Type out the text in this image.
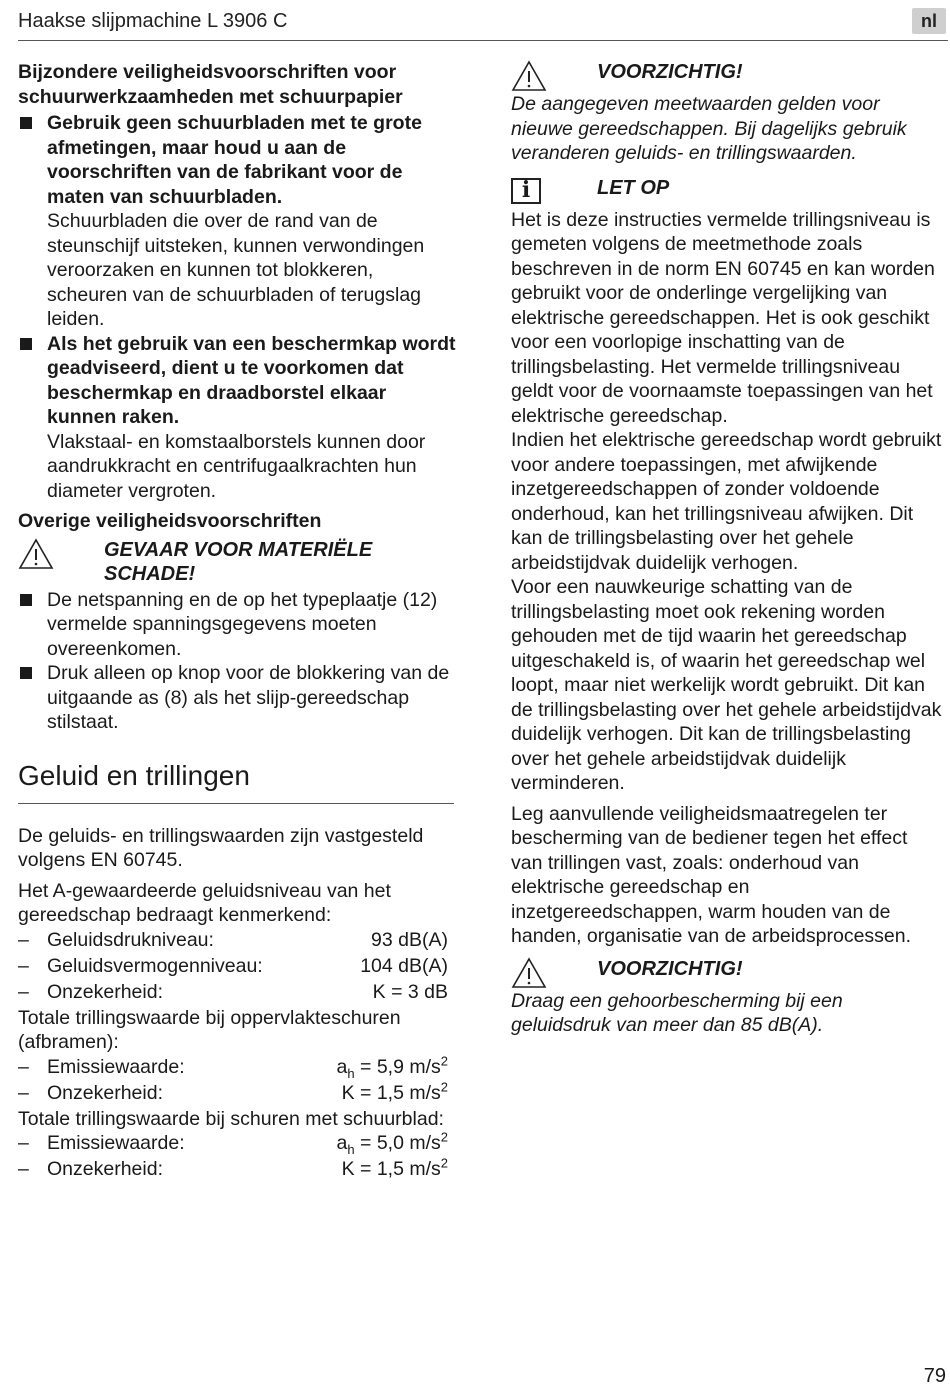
Haakse slijpmachine L 3906 C	nl
Bijzondere veiligheidsvoorschriften voor
schuurwerkzaamheden met schuurpapier
Gebruik geen schuurbladen met te grote afmetingen, maar houd u aan de voorschriften van de fabrikant voor de maten van schuurbladen.
Schuurbladen die over de rand van de steunschijf uitsteken, kunnen verwondingen veroorzaken en kunnen tot blokkeren, scheuren van de schuurbladen of terugslag leiden.
Als het gebruik van een beschermkap wordt geadviseerd, dient u te voorkomen dat beschermkap en draadborstel elkaar kunnen raken.
Vlakstaal- en komstaalborstels kunnen door aandrukkracht en centrifugaalkrachten hun diameter vergroten.
Overige veiligheidsvoorschriften
GEVAAR VOOR MATERIËLE
SCHADE!
De netspanning en de op het typeplaatje (12) vermelde spanningsgegevens moeten overeenkomen.
Druk alleen op knop voor de blokkering van de uitgaande as (8) als het slijp-gereedschap stilstaat.
Geluid en trillingen

De geluids- en trillingswaarden zijn vastgesteld volgens EN 60745.

Het A-gewaardeerde geluidsniveau van het gereedschap bedraagt kenmerkend:

– Geluidsdrukniveau:	93 dB(A)
– Geluidsvermogenniveau:	104 dB(A)
– Onzekerheid:	K = 3 dB

Totale trillingswaarde bij oppervlakteschuren (afbramen):

– Emissiewaarde:	$a_h = 5,9$ $m/s^2$
– Onzekerheid:	K = 1,5 $m/s^2$

Totale trillingswaarde bij schuren met schuurblad:

– Emissiewaarde:	$a_h = 5,0$ $m/s^2$
– Onzekerheid:	K = 1,5 $m/s^2$
VOORZICHTIG!

De aangegeven meetwaarden gelden voor nieuwe gereedschappen. Bij dagelijks gebruik veranderen geluids- en trillingswaarden.

i	LET OP

Het is deze instructies vermelde trillingsniveau is gemeten volgens de meetmethode zoals beschreven in de norm EN 60745 en kan worden gebruikt voor de onderlinge vergelijking van elektrische gereedschappen. Het is ook geschikt voor een voorlopige inschatting van de trillingsbelasting. Het vermelde trillingsniveau geldt voor de voornaamste toepassingen van het elektrische gereedschap.

Indien het elektrische gereedschap wordt gebruikt voor andere toepassingen, met afwijkende inzetgereedschappen of zonder voldoende onderhoud, kan het trillingsniveau afwijken. Dit kan de trillingsbelasting over het gehele arbeidstijdvak duidelijk verhogen.

Voor een nauwkeurige schatting van de trillingsbelasting moet ook rekening worden gehouden met de tijd waarin het gereedschap uitgeschakeld is, of waarin het gereedschap wel loopt, maar niet werkelijk wordt gebruikt. Dit kan de trillingsbelasting over het gehele arbeidstijdvak duidelijk verhogen. Dit kan de trillingsbelasting over het gehele arbeidstijdvak duidelijk verminderen.

Leg aanvullende veiligheidsmaatregelen ter bescherming van de bediener tegen het effect van trillingen vast, zoals: onderhoud van elektrische gereedschap en inzetgereedschappen, warm houden van de handen, organisatie van de arbeidsprocessen.

VOORZICHTIG!

Draag een gehoorbescherming bij een geluidsdruk van meer dan 85 dB(A).

79
